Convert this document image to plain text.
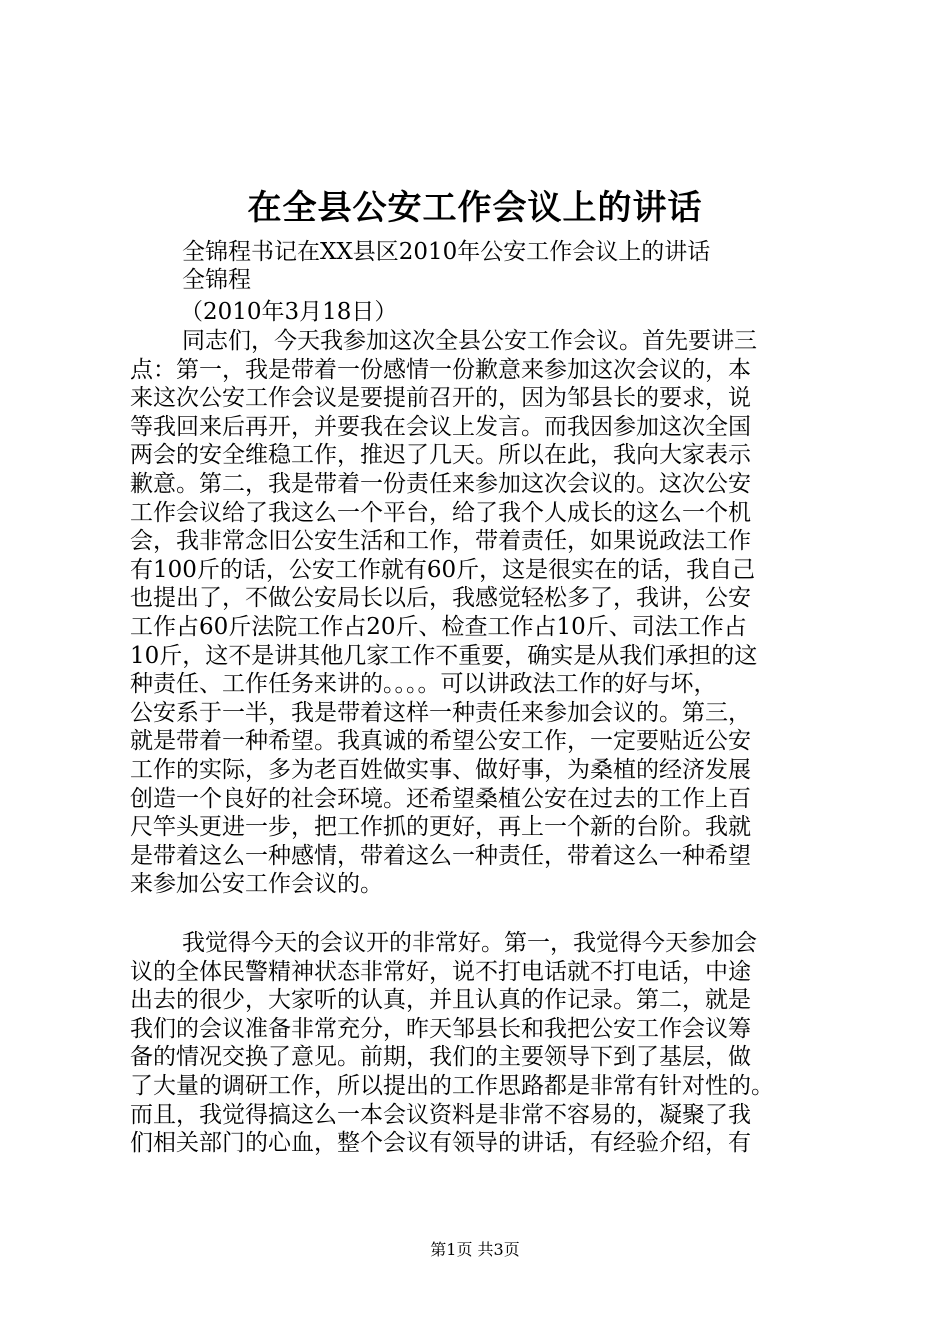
在全县公安工作会议上的讲话
全锦程书记在XX县区2010年公安工作会议上的讲话
全锦程
（2010年3月18日）
同志们，今天我参加这次全县公安工作会议。首先要讲三
点：第一，我是带着一份感情一份歉意来参加这次会议的，本
来这次公安工作会议是要提前召开的，因为邹县长的要求，说
等我回来后再开，并要我在会议上发言。而我因参加这次全国
两会的安全维稳工作，推迟了几天。所以在此，我向大家表示
歉意。第二，我是带着一份责任来参加这次会议的。这次公安
工作会议给了我这么一个平台，给了我个人成长的这么一个机
会，我非常念旧公安生活和工作，带着责任，如果说政法工作
有100斤的话，公安工作就有60斤，这是很实在的话，我自己
也提出了，不做公安局长以后，我感觉轻松多了，我讲，公安
工作占60斤法院工作占20斤、检查工作占10斤、司法工作占
10斤，这不是讲其他几家工作不重要，确实是从我们承担的这
种责任、工作任务来讲的。。。。可以讲政法工作的好与坏，
公安系于一半，我是带着这样一种责任来参加会议的。第三，
就是带着一种希望。我真诚的希望公安工作，一定要贴近公安
工作的实际，多为老百姓做实事、做好事，为桑植的经济发展
创造一个良好的社会环境。还希望桑植公安在过去的工作上百
尺竿头更进一步，把工作抓的更好，再上一个新的台阶。我就
是带着这么一种感情，带着这么一种责任，带着这么一种希望
来参加公安工作会议的。
我觉得今天的会议开的非常好。第一，我觉得今天参加会
议的全体民警精神状态非常好，说不打电话就不打电话，中途
出去的很少，大家听的认真，并且认真的作记录。第二，就是
我们的会议准备非常充分，昨天邹县长和我把公安工作会议筹
备的情况交换了意见。前期，我们的主要领导下到了基层，做
了大量的调研工作，所以提出的工作思路都是非常有针对性的。
而且，我觉得搞这么一本会议资料是非常不容易的，凝聚了我
们相关部门的心血，整个会议有领导的讲话，有经验介绍，有
第1页 共3页
